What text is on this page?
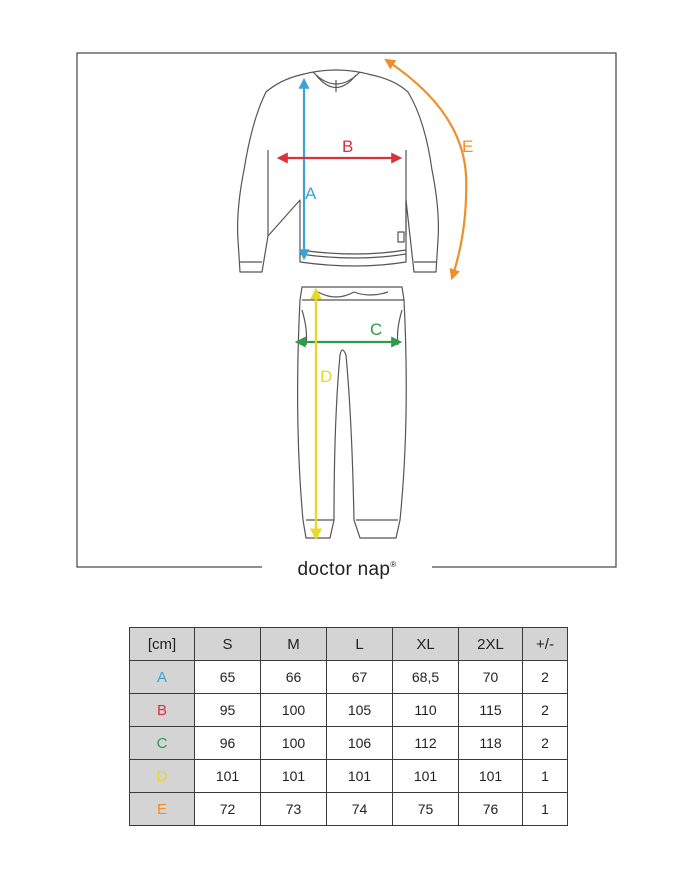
A
B
C
D
E
doctor nap®
[cm]	S	M	L	XL	2XL	+/-
A	65	66	67	68,5	70	2
B	95	100	105	110	115	2
C	96	100	106	112	118	2
D	101	101	101	101	101	1
E	72	73	74	75	76	1
